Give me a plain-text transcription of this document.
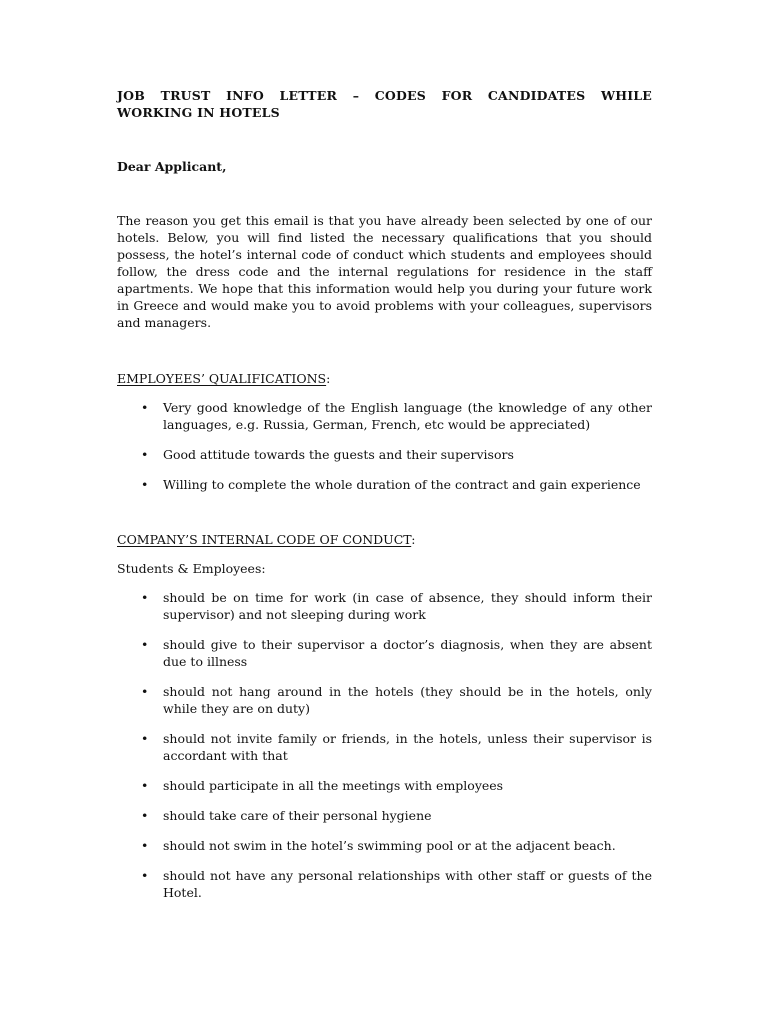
JOB TRUST INFO LETTER – CODES FOR CANDIDATES WHILE
WORKING IN HOTELS

Dear Applicant,

The reason you get this email is that you have already been selected by one of our hotels. Below, you will find listed the necessary qualifications that you should possess, the hotel’s internal code of conduct which students and employees should follow, the dress code and the internal regulations for residence in the staff apartments. We hope that this information would help you during your future work in Greece and would make you to avoid problems with your colleagues, supervisors and managers.

EMPLOYEES’ QUALIFICATIONS:

• Very good knowledge of the English language (the knowledge of any other languages, e.g. Russia, German, French, etc would be appreciated)
• Good attitude towards the guests and their supervisors
• Willing to complete the whole duration of the contract and gain experience

COMPANY’S INTERNAL CODE OF CONDUCT:

Students & Employees:

• should be on time for work (in case of absence, they should inform their supervisor) and not sleeping during work
• should give to their supervisor a doctor’s diagnosis, when they are absent due to illness
• should not hang around in the hotels (they should be in the hotels, only while they are on duty)
• should not invite family or friends, in the hotels, unless their supervisor is accordant with that
• should participate in all the meetings with employees
• should take care of their personal hygiene
• should not swim in the hotel’s swimming pool or at the adjacent beach.
• should not have any personal relationships with other staff or guests of the Hotel.
